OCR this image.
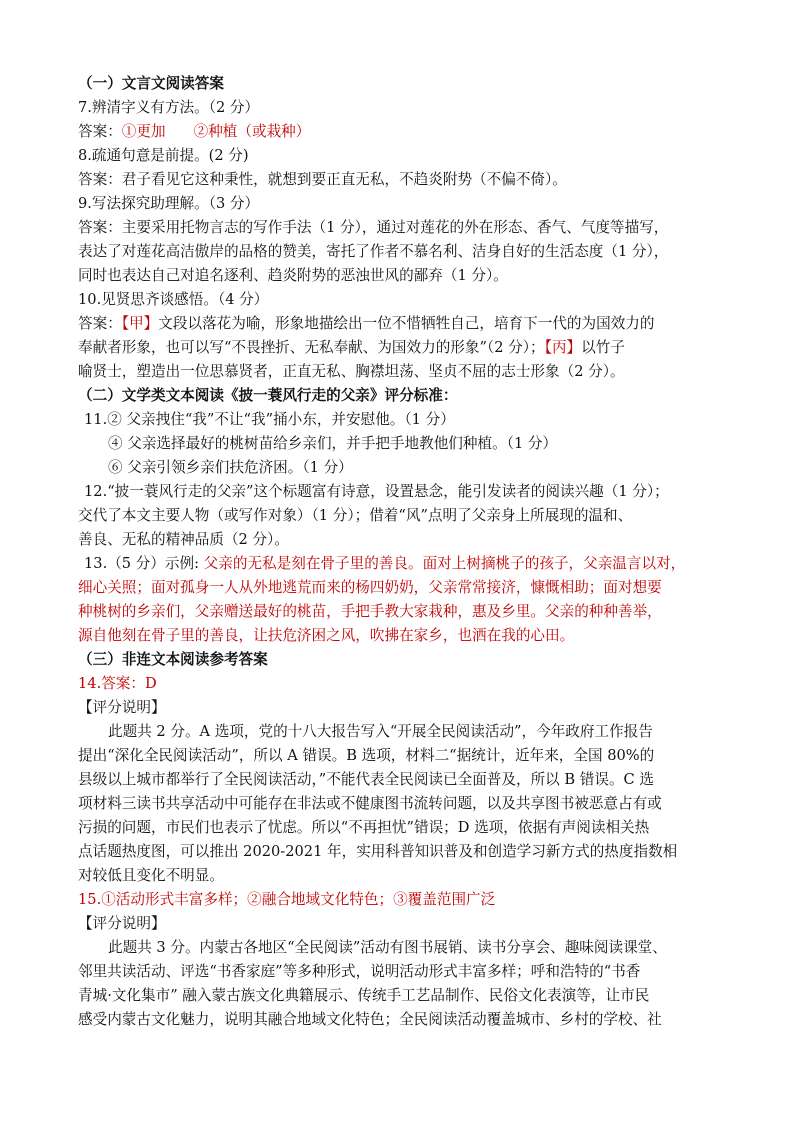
（一）文言文阅读答案
7.辨清字义有方法。（2 分）
答案：①更加 ②种植（或栽种）
8.疏通句意是前提。(2 分)
答案：君子看见它这种秉性，就想到要正直无私，不趋炎附势（不偏不倚）。
9.写法探究助理解。（3 分）
答案：主要采用托物言志的写作手法（1 分），通过对莲花的外在形态、香气、气度等描写，
表达了对莲花高洁傲岸的品格的赞美，寄托了作者不慕名利、洁身自好的生活态度（1 分），
同时也表达自己对追名逐利、趋炎附势的恶浊世风的鄙弃（1 分）。
10.见贤思齐谈感悟。（4 分）
答案：【甲】文段以落花为喻，形象地描绘出一位不惜牺牲自己，培育下一代的为国效力的
奉献者形象，也可以写“不畏挫折、无私奉献、为国效力的形象”（2 分）；【丙】以竹子
喻贤士，塑造出一位思慕贤者，正直无私、胸襟坦荡、坚贞不屈的志士形象（2 分）。
（二）文学类文本阅读《披一蓑风行走的父亲》评分标准：
11.② 父亲拽住“我”不让“我”捅小东，并安慰他。（1 分）
④ 父亲选择最好的桃树苗给乡亲们，并手把手地教他们种植。（1 分）
⑥ 父亲引领乡亲们扶危济困。（1 分）
12.“披一蓑风行走的父亲”这个标题富有诗意，设置悬念，能引发读者的阅读兴趣（1 分）；
交代了本文主要人物（或写作对象）（1 分）；借着“风”点明了父亲身上所展现的温和、
善良、无私的精神品质（2 分）。
13.（5 分）示例: 父亲的无私是刻在骨子里的善良。面对上树摘桃子的孩子，父亲温言以对，
细心关照；面对孤身一人从外地逃荒而来的杨四奶奶，父亲常常接济，慷慨相助；面对想要
种桃树的乡亲们，父亲赠送最好的桃苗，手把手教大家栽种，惠及乡里。父亲的种种善举，
源自他刻在骨子里的善良，让扶危济困之风，吹拂在家乡，也洒在我的心田。
（三）非连文本阅读参考答案
14.答案：D
【评分说明】
此题共 2 分。A 选项，党的十八大报告写入“开展全民阅读活动”，今年政府工作报告
提出“深化全民阅读活动”，所以 A 错误。B 选项，材料二“据统计，近年来，全国 80%的
县级以上城市都举行了全民阅读活动，”不能代表全民阅读已全面普及，所以 B 错误。C 选
项材料三读书共享活动中可能存在非法或不健康图书流转问题，以及共享图书被恶意占有或
污损的问题，市民们也表示了忧虑。所以“不再担忧”错误；D 选项，依据有声阅读相关热
点话题热度图，可以推出 2020-2021 年，实用科普知识普及和创造学习新方式的热度指数相
对较低且变化不明显。
15.①活动形式丰富多样；②融合地域文化特色；③覆盖范围广泛
【评分说明】
此题共 3 分。内蒙古各地区“全民阅读”活动有图书展销、读书分享会、趣味阅读课堂、
邻里共读活动、评选“书香家庭”等多种形式，说明活动形式丰富多样；呼和浩特的“书香
青城·文化集市” 融入蒙古族文化典籍展示、传统手工艺品制作、民俗文化表演等，让市民
感受内蒙古文化魅力，说明其融合地域文化特色；全民阅读活动覆盖城市、乡村的学校、社
